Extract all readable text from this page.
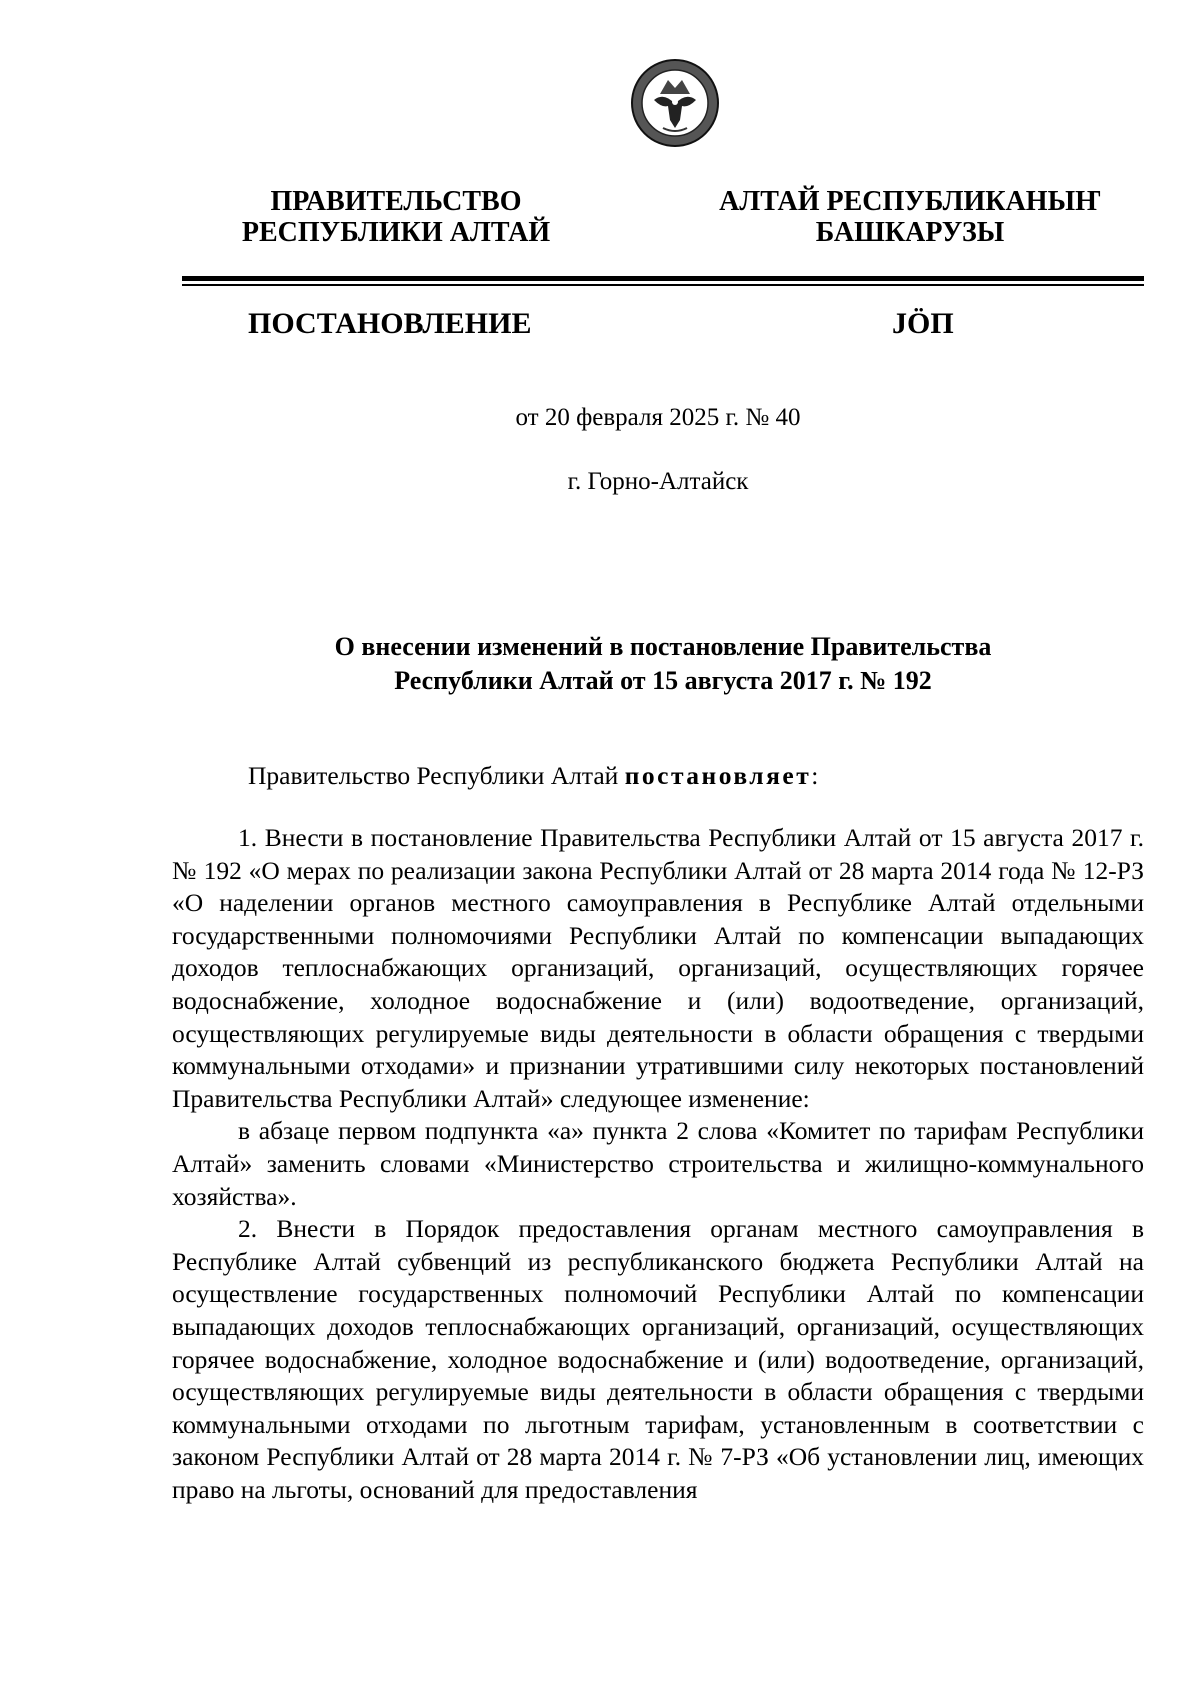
ПРАВИТЕЛЬСТВО
РЕСПУБЛИКИ АЛТАЙ
АЛТАЙ РЕСПУБЛИКАНЫҤ
БАШКАРУЗЫ
ПОСТАНОВЛЕНИЕ	JӦП
от 20 февраля 2025 г. № 40
г. Горно-Алтайск
О внесении изменений в постановление Правительства
Республики Алтай от 15 августа 2017 г. № 192
Правительство Республики Алтай постановляет:

1. Внести в постановление Правительства Республики Алтай от 15 августа 2017 г. № 192 «О мерах по реализации закона Республики Алтай от 28 марта 2014 года № 12-РЗ «О наделении органов местного самоуправления в Республике Алтай отдельными государственными полномочиями Республики Алтай по компенсации выпадающих доходов теплоснабжающих организаций, организаций, осуществляющих горячее водоснабжение, холодное водоснабжение и (или) водоотведение, организаций, осуществляющих регулируемые виды деятельности в области обращения с твердыми коммунальными отходами» и признании утратившими силу некоторых постановлений Правительства Республики Алтай» следующее изменение:

в абзаце первом подпункта «а» пункта 2 слова «Комитет по тарифам Республики Алтай» заменить словами «Министерство строительства и жилищно-коммунального хозяйства».

2. Внести в Порядок предоставления органам местного самоуправления в Республике Алтай субвенций из республиканского бюджета Республики Алтай на осуществление государственных полномочий Республики Алтай по компенсации выпадающих доходов теплоснабжающих организаций, организаций, осуществляющих горячее водоснабжение, холодное водоснабжение и (или) водоотведение, организаций, осуществляющих регулируемые виды деятельности в области обращения с твердыми коммунальными отходами по льготным тарифам, установленным в соответствии с законом Республики Алтай от 28 марта 2014 г. № 7-РЗ «Об установлении лиц, имеющих право на льготы, оснований для предоставления
